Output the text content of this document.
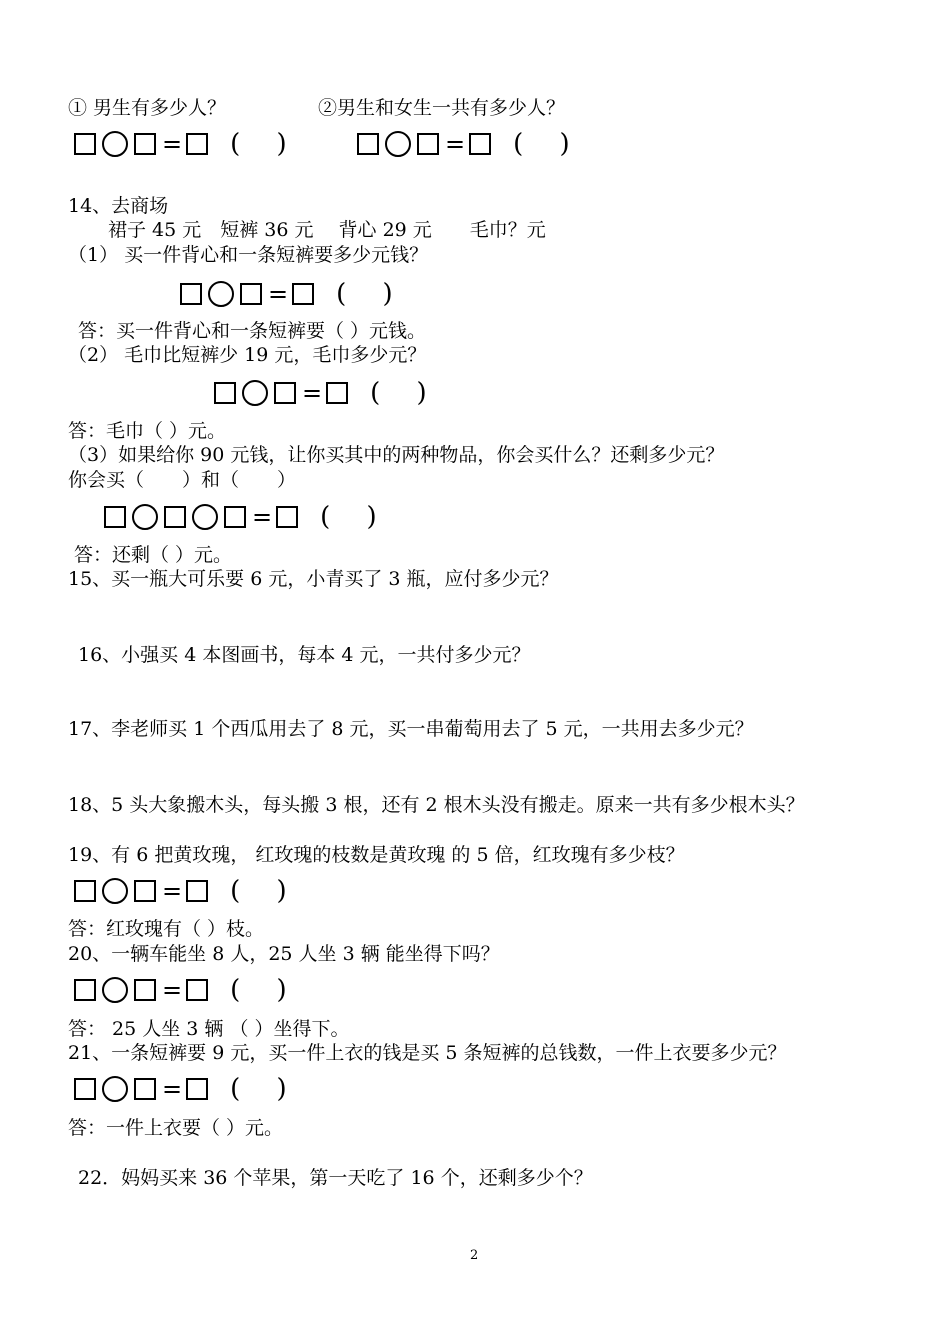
① 男生有多少人？	②男生和女生一共有多少人？
= ( )	= ( )
14、去商场
裙子 45 元　短裤 36 元　 背心 29 元　　毛巾？元
（1） 买一件背心和一条短裤要多少元钱？
= ( )
答：买一件背心和一条短裤要（ ）元钱。
（2） 毛巾比短裤少 19 元，毛巾多少元？
= ( )
答：毛巾（ ）元。
（3）如果给你 90 元钱，让你买其中的两种物品，你会买什么？还剩多少元？
你会买（　　）和（　　）
= ( )
答：还剩（ ）元。
15、买一瓶大可乐要 6 元，小青买了 3 瓶，应付多少元？
16、小强买 4 本图画书，每本 4 元，一共付多少元？
17、李老师买 1 个西瓜用去了 8 元，买一串葡萄用去了 5 元，一共用去多少元？
18、5 头大象搬木头，每头搬 3 根，还有 2 根木头没有搬走。原来一共有多少根木头？
19、有 6 把黄玫瑰， 红玫瑰的枝数是黄玫瑰 的 5 倍，红玫瑰有多少枝？
= ( )
答：红玫瑰有（ ）枝。
20、一辆车能坐 8 人，25 人坐 3 辆 能坐得下吗？
= ( )
答： 25 人坐 3 辆 （ ）坐得下。
21、一条短裤要 9 元，买一件上衣的钱是买 5 条短裤的总钱数，一件上衣要多少元？
= ( )
答：一件上衣要（ ）元。
22．妈妈买来 36 个苹果，第一天吃了 16 个，还剩多少个？
2
